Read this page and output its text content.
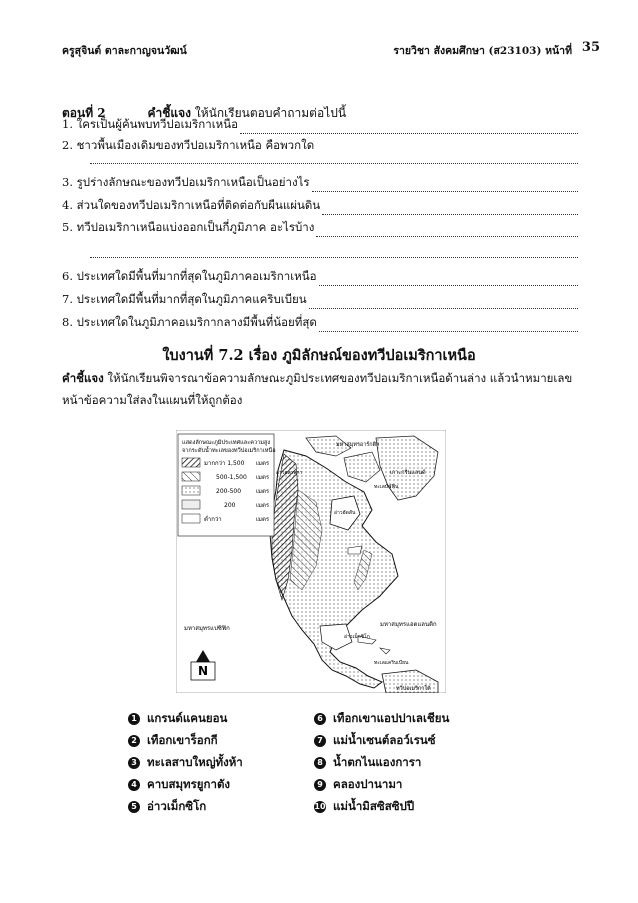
ครูสุจินต์ ตาละกาญจนวัฒน์	รายวิชา สังคมศึกษา (ส23103) หน้าที่ 35
ตอนที่ 2	คำชี้แจง ให้นักเรียนตอบคำถามต่อไปนี้
1. ใครเป็นผู้ค้นพบทวีปอเมริกาเหนือ
2. ชาวพื้นเมืองเดิมของทวีปอเมริกาเหนือ คือพวกใด
3. รูปร่างลักษณะของทวีปอเมริกาเหนือเป็นอย่างไร
4. ส่วนใดของทวีปอเมริกาเหนือที่ติดต่อกับผืนแผ่นดิน
5. ทวีปอเมริกาเหนือแบ่งออกเป็นกี่ภูมิภาค อะไรบ้าง
6. ประเทศใดมีพื้นที่มากที่สุดในภูมิภาคอเมริกาเหนือ
7. ประเทศใดมีพื้นที่มากที่สุดในภูมิภาคแคริบเบียน
8. ประเทศใดในภูมิภาคอเมริกากลางมีพื้นที่น้อยที่สุด
ใบงานที่ 7.2 เรื่อง ภูมิลักษณ์ของทวีปอเมริกาเหนือ
คำชี้แจง ให้นักเรียนพิจารณาข้อความลักษณะภูมิประเทศของทวีปอเมริกาเหนือด้านล่าง แล้วนำหมายเลข
หน้าข้อความใส่ลงในแผนที่ให้ถูกต้อง
แสดงลักษณะภูมิประเทศและความสูง
จากระดับน้ำทะเลของทวีปอเมริกาเหนือ
มากกว่า 1,500 เมตร
500-1,500 เมตร
200-500 เมตร
200	เมตร
ต่ำกว่า	เมตร
มหาสมุทรอาร์กติก
เกาะกรีนแลนด์
ทะเลบัฟฟิน
อ่าวฮัดสัน
อ่าวอลาสกา
มหาสมุทรแปซิฟิก
มหาสมุทรแอตแลนติก
อ่าวเม็กซิโก
ทะเลแคริบเบียน
ทวีปอเมริกาใต้
N
1 แกรนด์แคนยอน
2 เทือกเขาร็อกกี
3 ทะเลสาบใหญ่ทั้งห้า
4 คาบสมุทรยูกาตัง
5 อ่าวเม็กซิโก
6 เทือกเขาแอปปาเลเชียน
7 แม่น้ำเซนต์ลอว์เรนซ์
8 น้ำตกไนแองการา
9 คลองปานามา
10 แม่น้ำมิสซิสซิปปี
